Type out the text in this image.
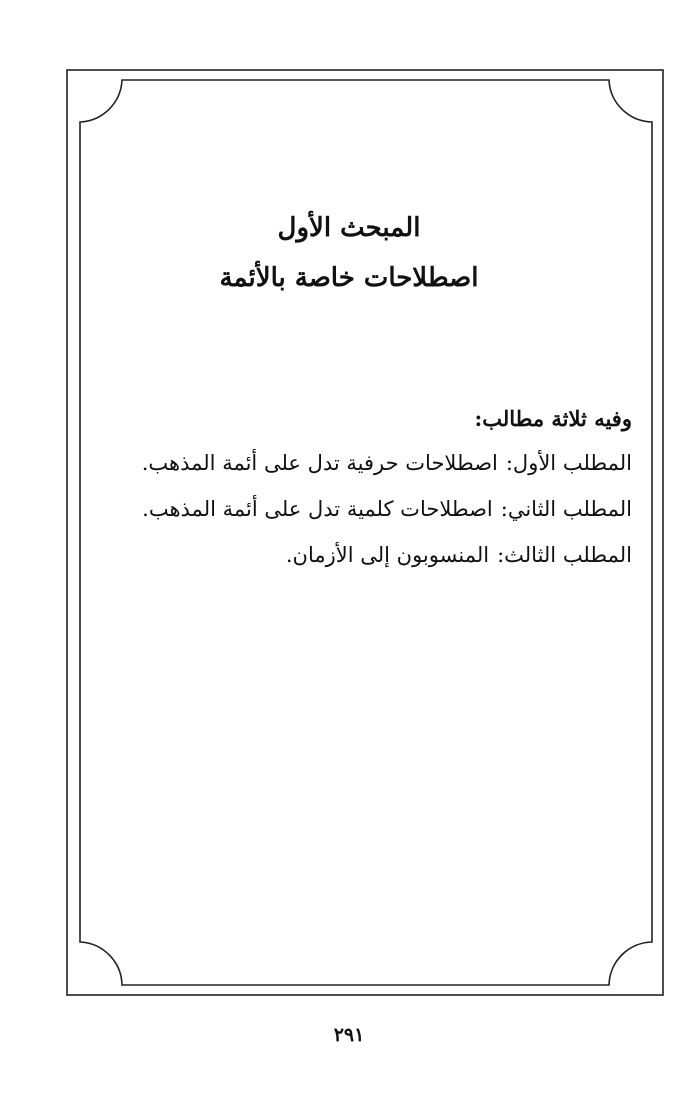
المبحث الأول
اصطلاحات خاصة بالأئمة

وفيه ثلاثة مطالب:

المطلب الأول:اصطلاحات حرفية تدل على أئمة المذهب.

المطلب الثاني:اصطلاحات كلمية تدل على أئمة المذهب.

المطلب الثالث:المنسوبون إلى الأزمان.

٢٩١
